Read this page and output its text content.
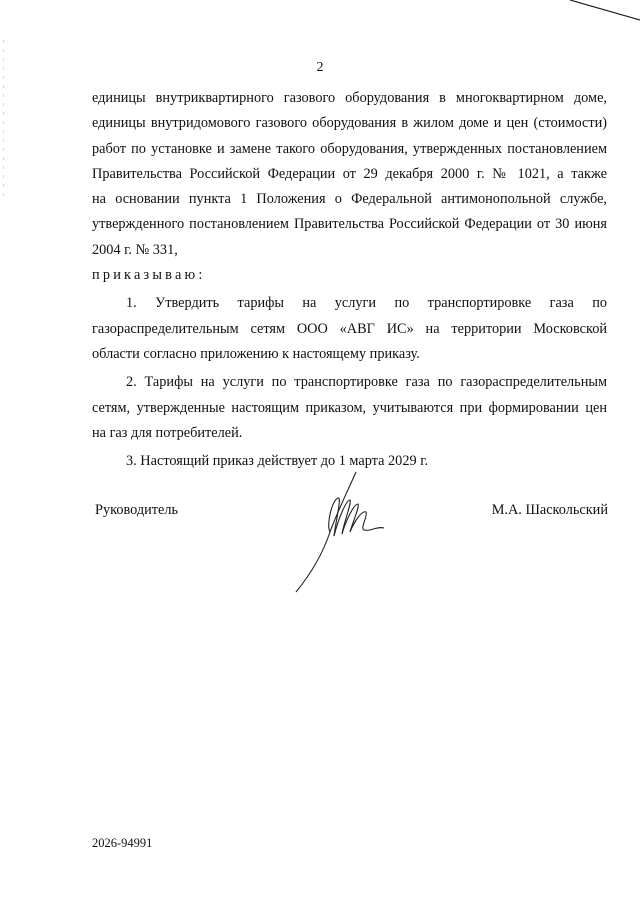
2
единицы внутриквартирного газового оборудования в многоквартирном доме,
единицы внутридомового газового оборудования в жилом доме и цен (стоимости)
работ по установке и замене такого оборудования, утвержденных постановлением
Правительства Российской Федерации от 29 декабря 2000 г. № 1021, а также
на основании пункта 1 Положения о Федеральной антимонопольной службе,
утвержденного постановлением Правительства Российской Федерации от 30 июня
2004 г. № 331,
приказываю:
1. Утвердить тарифы на услуги по транспортировке газа по
газораспределительным сетям ООО «АВГ ИС» на территории Московской
области согласно приложению к настоящему приказу.
2. Тарифы на услуги по транспортировке газа по газораспределительным
сетям, утвержденные настоящим приказом, учитываются при формировании цен
на газ для потребителей.
3. Настоящий приказ действует до 1 марта 2029 г.
Руководитель	М.А. Шаскольский
2026-94991
